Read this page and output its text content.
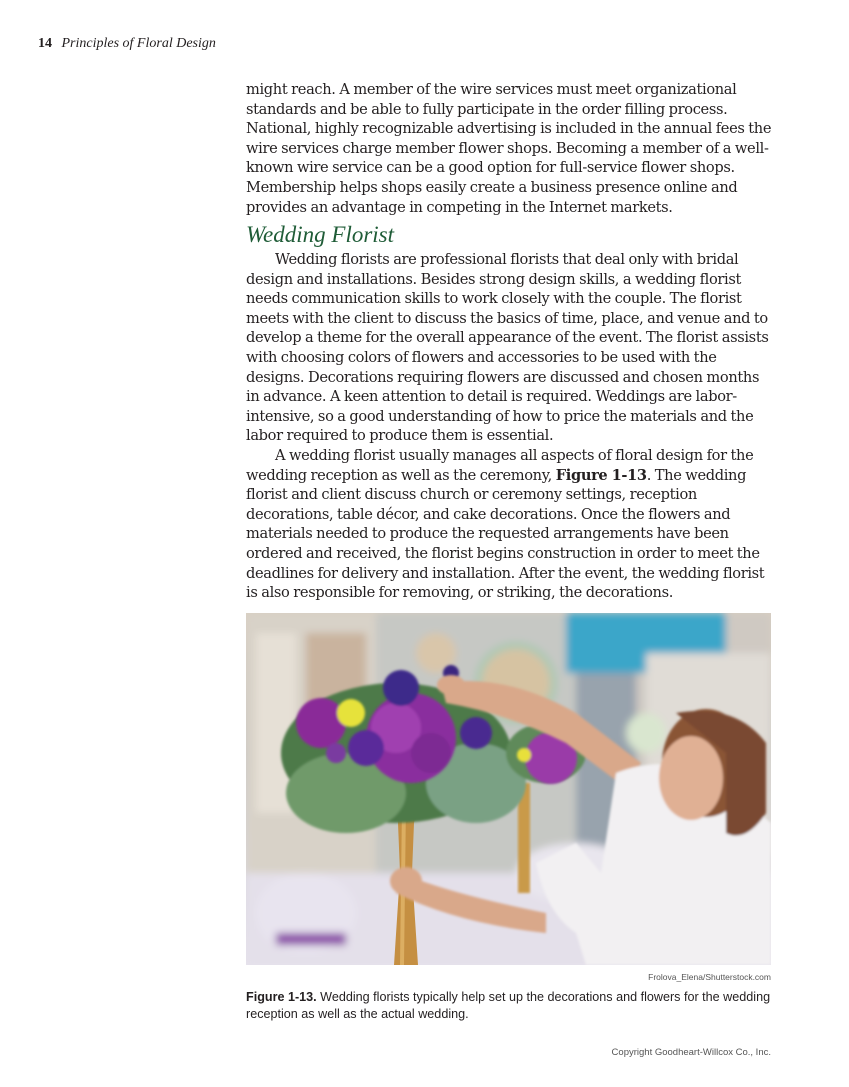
14 Principles of Floral Design

might reach. A member of the wire services must meet organizational standards and be able to fully participate in the order filling process. National, highly recognizable advertising is included in the annual fees the wire services charge member flower shops. Becoming a member of a well-known wire service can be a good option for full-service flower shops. Membership helps shops easily create a business presence online and provides an advantage in competing in the Internet markets.

Wedding Florist

Wedding florists are professional florists that deal only with bridal design and installations. Besides strong design skills, a wedding florist needs communication skills to work closely with the couple. The florist meets with the client to discuss the basics of time, place, and venue and to develop a theme for the overall appearance of the event. The florist assists with choosing colors of flowers and accessories to be used with the designs. Decorations requiring flowers are discussed and chosen months in advance. A keen attention to detail is required. Weddings are labor-intensive, so a good understanding of how to price the materials and the labor required to produce them is essential.

A wedding florist usually manages all aspects of floral design for the wedding reception as well as the ceremony, Figure 1-13. The wedding florist and client discuss church or ceremony settings, reception decorations, table décor, and cake decorations. Once the flowers and materials needed to produce the requested arrangements have been ordered and received, the florist begins construction in order to meet the deadlines for delivery and installation. After the event, the wedding florist is also responsible for removing, or striking, the decorations.

Frolova_Elena/Shutterstock.com
Figure 1-13. Wedding florists typically help set up the decorations and flowers for the wedding reception as well as the actual wedding.
Copyright Goodheart-Willcox Co., Inc.
